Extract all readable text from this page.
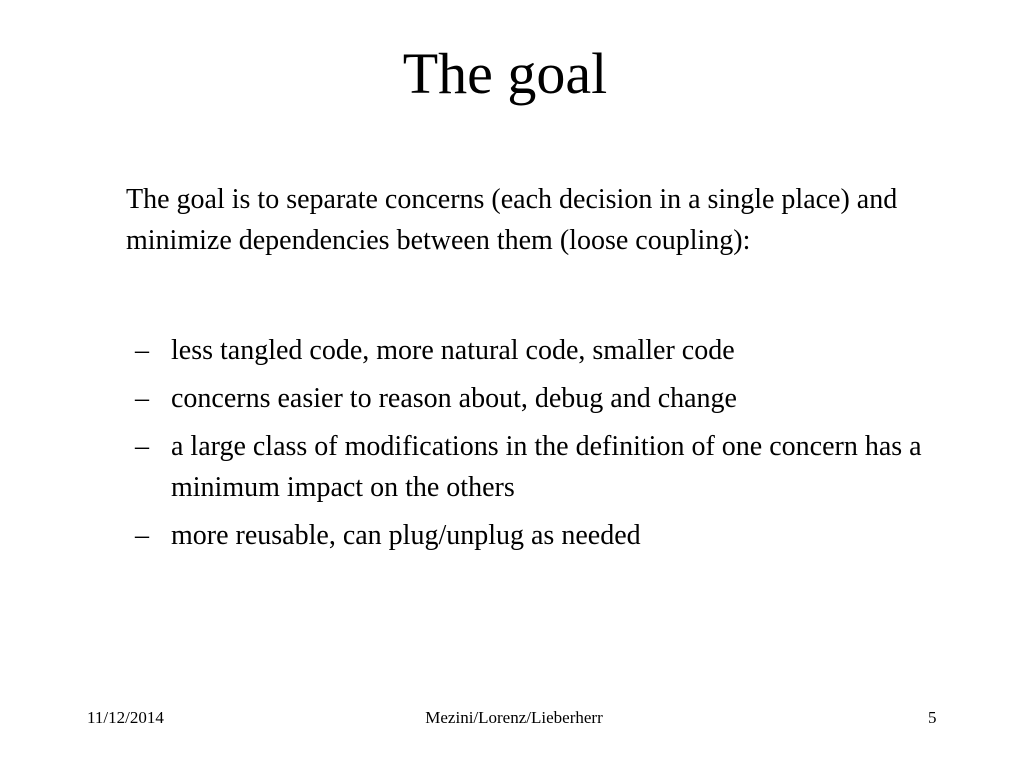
The goal

The goal is to separate concerns (each decision in a single place) and minimize dependencies between them (loose coupling):

– less tangled code, more natural code, smaller code
– concerns easier to reason about, debug and change
– a large class of modifications in the definition of one concern has a minimum impact on the others
– more reusable, can plug/unplug as needed

11/12/2014	Mezini/Lorenz/Lieberherr	5
